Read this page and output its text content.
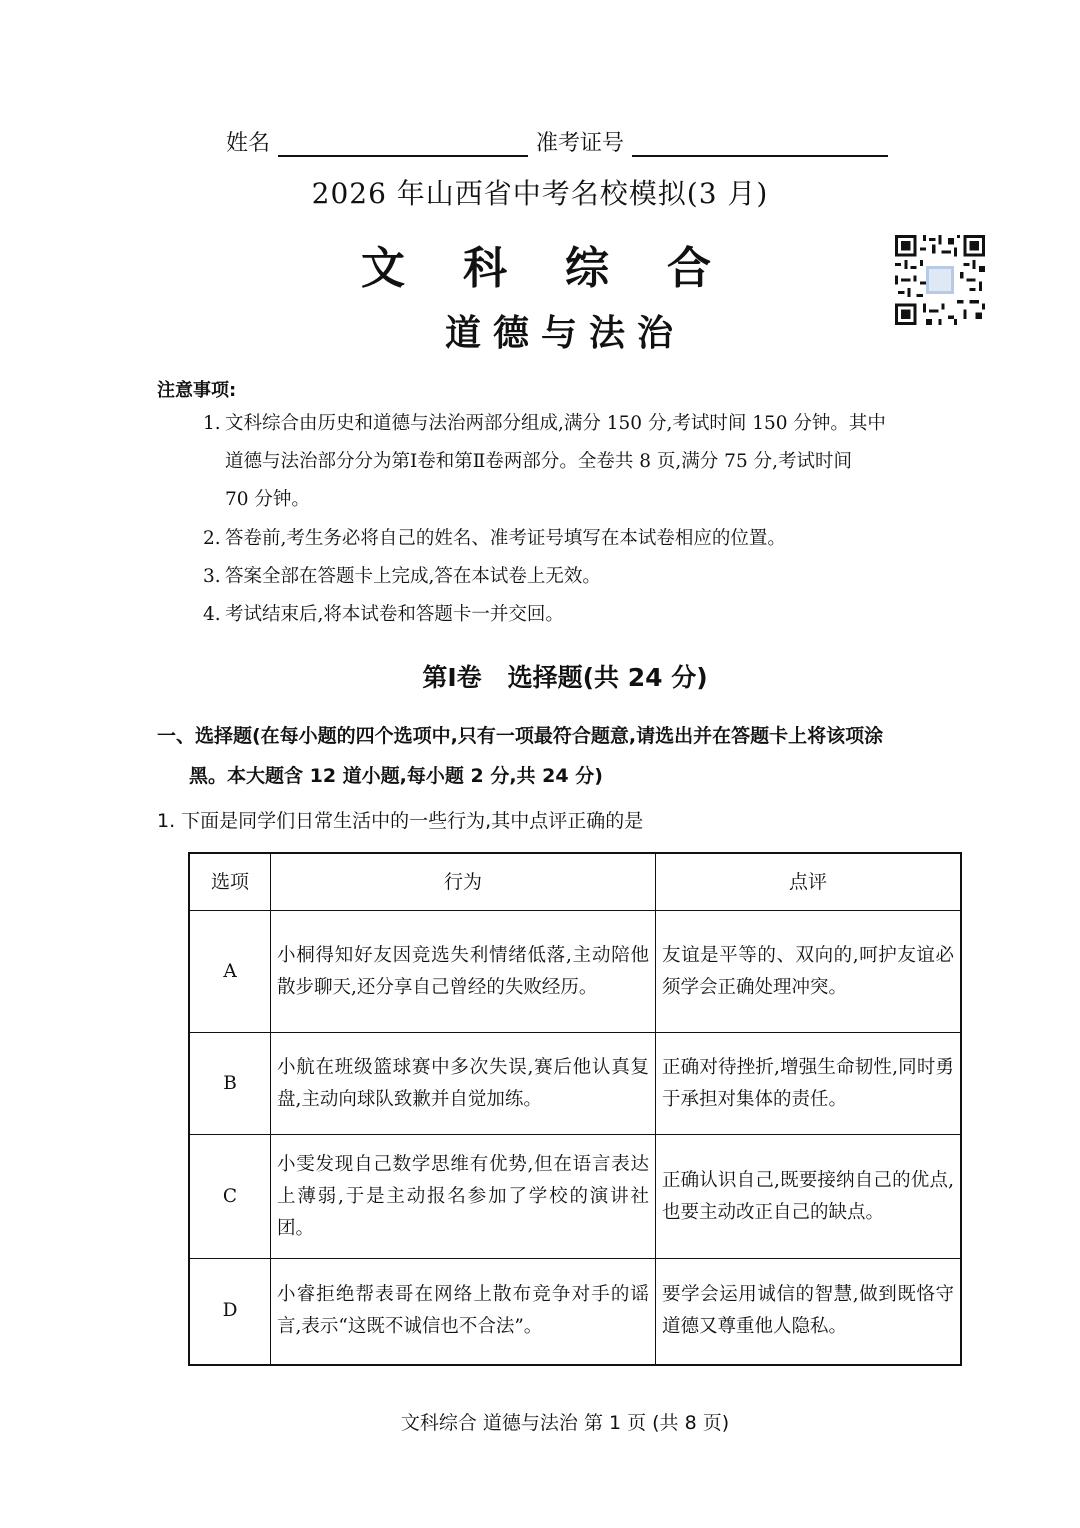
姓名	准考证号
2026 年山西省中考名校模拟(3 月)
文科综合
道德与法治
注意事项:
1. 文科综合由历史和道德与法治两部分组成,满分 150 分,考试时间 150 分钟。其中
道德与法治部分分为第Ⅰ卷和第Ⅱ卷两部分。全卷共 8 页,满分 75 分,考试时间
70 分钟。
2. 答卷前,考生务必将自己的姓名、准考证号填写在本试卷相应的位置。
3. 答案全部在答题卡上完成,答在本试卷上无效。
4. 考试结束后,将本试卷和答题卡一并交回。
第Ⅰ卷 选择题(共 24 分)
一、选择题(在每小题的四个选项中,只有一项最符合题意,请选出并在答题卡上将该项涂
黑。本大题含 12 道小题,每小题 2 分,共 24 分)
1. 下面是同学们日常生活中的一些行为,其中点评正确的是
选项	行为	点评
A	小桐得知好友因竞选失利情绪低落,主动陪他散步聊天,还分享自己曾经的失败经历。	友谊是平等的、双向的,呵护友谊必须学会正确处理冲突。
B	小航在班级篮球赛中多次失误,赛后他认真复盘,主动向球队致歉并自觉加练。	正确对待挫折,增强生命韧性,同时勇于承担对集体的责任。
C	小雯发现自己数学思维有优势,但在语言表达上薄弱,于是主动报名参加了学校的演讲社团。	正确认识自己,既要接纳自己的优点,也要主动改正自己的缺点。
D	小睿拒绝帮表哥在网络上散布竞争对手的谣言,表示“这既不诚信也不合法”。	要学会运用诚信的智慧,做到既恪守道德又尊重他人隐私。
文科综合 道德与法治 第 1 页 (共 8 页)
